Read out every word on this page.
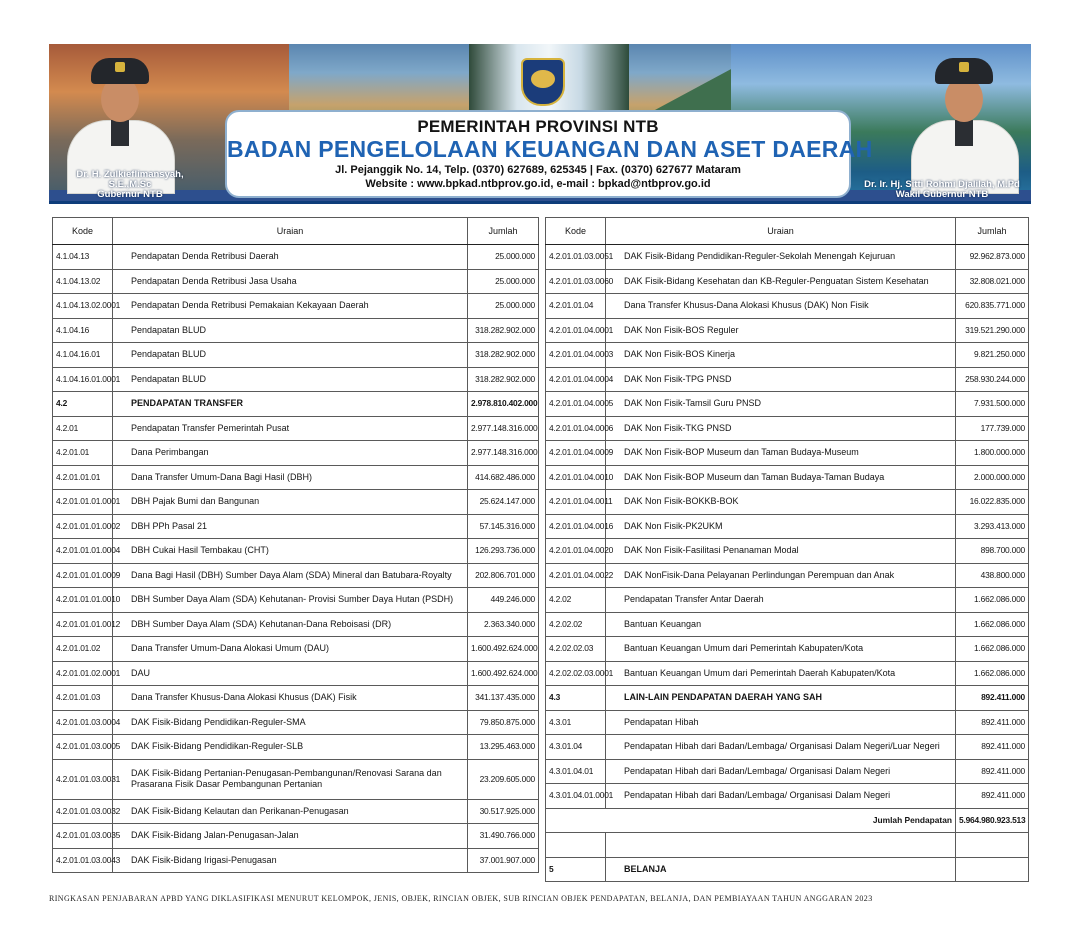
PEMERINTAH PROVINSI NTB
BADAN PENGELOLAAN KEUANGAN DAN ASET DAERAH
Jl. Pejanggik No. 14, Telp. (0370) 627689, 625345 | Fax. (0370) 627677 Mataram
Website : www.bpkad.ntbprov.go.id, e-mail : bpkad@ntbprov.go.id
Dr. H. Zulkieflimansyah, S.E.,M.Sc
Gubernur NTB
Dr. Ir. Hj. Sitti Rohmi Djalilah, M.Pd
Wakil Gubernur NTB
Kode	Uraian	Jumlah
4.1.04.13	Pendapatan Denda Retribusi Daerah	25.000.000
4.1.04.13.02	Pendapatan Denda Retribusi Jasa Usaha	25.000.000
4.1.04.13.02.0001	Pendapatan Denda Retribusi Pemakaian Kekayaan Daerah	25.000.000
4.1.04.16	Pendapatan BLUD	318.282.902.000
4.1.04.16.01	Pendapatan BLUD	318.282.902.000
4.1.04.16.01.0001	Pendapatan BLUD	318.282.902.000
4.2	PENDAPATAN TRANSFER	2.978.810.402.000
4.2.01	Pendapatan Transfer Pemerintah Pusat	2.977.148.316.000
4.2.01.01	Dana Perimbangan	2.977.148.316.000
4.2.01.01.01	Dana Transfer Umum-Dana Bagi Hasil (DBH)	414.682.486.000
4.2.01.01.01.0001	DBH Pajak Bumi dan Bangunan	25.624.147.000
4.2.01.01.01.0002	DBH PPh Pasal 21	57.145.316.000
4.2.01.01.01.0004	DBH Cukai Hasil Tembakau (CHT)	126.293.736.000
4.2.01.01.01.0009	Dana Bagi Hasil (DBH) Sumber Daya Alam (SDA) Mineral dan Batubara-Royalty	202.806.701.000
4.2.01.01.01.0010	DBH Sumber Daya Alam (SDA) Kehutanan- Provisi Sumber Daya Hutan (PSDH)	449.246.000
4.2.01.01.01.0012	DBH Sumber Daya Alam (SDA) Kehutanan-Dana Reboisasi (DR)	2.363.340.000
4.2.01.01.02	Dana Transfer Umum-Dana Alokasi Umum (DAU)	1.600.492.624.000
4.2.01.01.02.0001	DAU	1.600.492.624.000
4.2.01.01.03	Dana Transfer Khusus-Dana Alokasi Khusus (DAK) Fisik	341.137.435.000
4.2.01.01.03.0004	DAK Fisik-Bidang Pendidikan-Reguler-SMA	79.850.875.000
4.2.01.01.03.0005	DAK Fisik-Bidang Pendidikan-Reguler-SLB	13.295.463.000
4.2.01.01.03.0031	DAK Fisik-Bidang Pertanian-Penugasan-Pembangunan/Renovasi Sarana dan Prasarana Fisik Dasar Pembangunan Pertanian	23.209.605.000
4.2.01.01.03.0032	DAK Fisik-Bidang Kelautan dan Perikanan-Penugasan	30.517.925.000
4.2.01.01.03.0035	DAK Fisik-Bidang Jalan-Penugasan-Jalan	31.490.766.000
4.2.01.01.03.0043	DAK Fisik-Bidang Irigasi-Penugasan	37.001.907.000
Kode	Uraian	Jumlah
4.2.01.01.03.0051	DAK Fisik-Bidang Pendidikan-Reguler-Sekolah Menengah Kejuruan	92.962.873.000
4.2.01.01.03.0060	DAK Fisik-Bidang Kesehatan dan KB-Reguler-Penguatan Sistem Kesehatan	32.808.021.000
4.2.01.01.04	Dana Transfer Khusus-Dana Alokasi Khusus (DAK) Non Fisik	620.835.771.000
4.2.01.01.04.0001	DAK Non Fisik-BOS Reguler	319.521.290.000
4.2.01.01.04.0003	DAK Non Fisik-BOS Kinerja	9.821.250.000
4.2.01.01.04.0004	DAK Non Fisik-TPG PNSD	258.930.244.000
4.2.01.01.04.0005	DAK Non Fisik-Tamsil Guru PNSD	7.931.500.000
4.2.01.01.04.0006	DAK Non Fisik-TKG PNSD	177.739.000
4.2.01.01.04.0009	DAK Non Fisik-BOP Museum dan Taman Budaya-Museum	1.800.000.000
4.2.01.01.04.0010	DAK Non Fisik-BOP Museum dan Taman Budaya-Taman Budaya	2.000.000.000
4.2.01.01.04.0011	DAK Non Fisik-BOKKB-BOK	16.022.835.000
4.2.01.01.04.0016	DAK Non Fisik-PK2UKM	3.293.413.000
4.2.01.01.04.0020	DAK Non Fisik-Fasilitasi Penanaman Modal	898.700.000
4.2.01.01.04.0022	DAK NonFisik-Dana Pelayanan Perlindungan Perempuan dan Anak	438.800.000
4.2.02	Pendapatan Transfer Antar Daerah	1.662.086.000
4.2.02.02	Bantuan Keuangan	1.662.086.000
4.2.02.02.03	Bantuan Keuangan Umum dari Pemerintah Kabupaten/Kota	1.662.086.000
4.2.02.02.03.0001	Bantuan Keuangan Umum dari Pemerintah Daerah Kabupaten/Kota	1.662.086.000
4.3	LAIN-LAIN PENDAPATAN DAERAH YANG SAH	892.411.000
4.3.01	Pendapatan Hibah	892.411.000
4.3.01.04	Pendapatan Hibah dari Badan/Lembaga/ Organisasi Dalam Negeri/Luar Negeri	892.411.000
4.3.01.04.01	Pendapatan Hibah dari Badan/Lembaga/ Organisasi Dalam Negeri	892.411.000
4.3.01.04.01.0001	Pendapatan Hibah dari Badan/Lembaga/ Organisasi Dalam Negeri	892.411.000
	Jumlah Pendapatan	5.964.980.923.513

5	BELANJA	
RINGKASAN PENJABARAN APBD YANG DIKLASIFIKASI MENURUT KELOMPOK, JENIS, OBJEK, RINCIAN OBJEK, SUB RINCIAN OBJEK PENDAPATAN, BELANJA, DAN PEMBIAYAAN TAHUN ANGGARAN 2023
